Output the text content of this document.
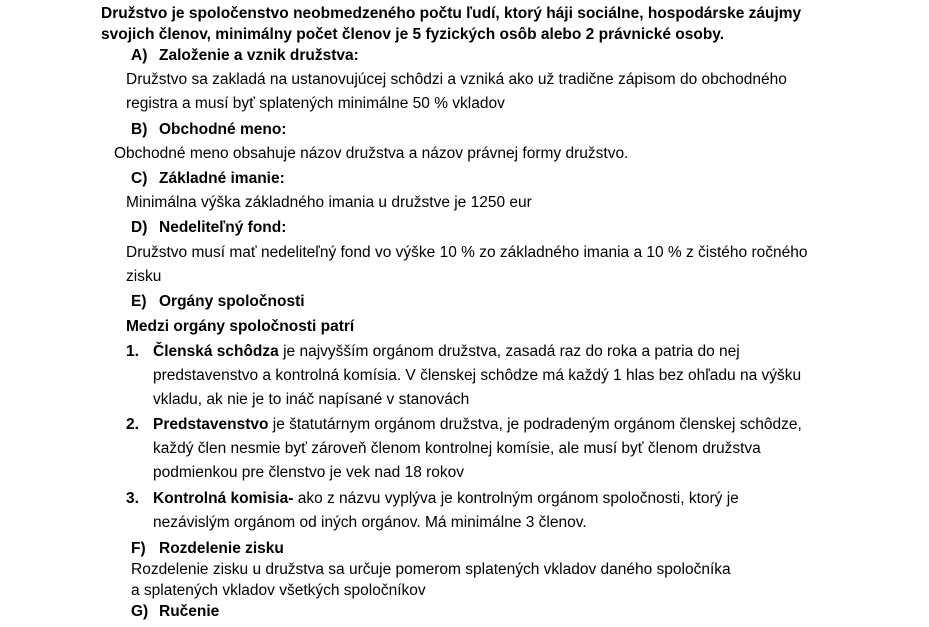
Družstvo je spoločenstvo neobmedzeného počtu ľudí, ktorý háji sociálne, hospodárske záujmy
svojich členov, minimálny počet členov je 5 fyzických osôb alebo 2 právnické osoby.
A) Založenie a vznik družstva:
Družstvo sa zakladá na ustanovujúcej schôdzi a vzniká ako už tradične zápisom do obchodného
registra a musí byť splatených minimálne 50 % vkladov
B) Obchodné meno:
Obchodné meno obsahuje názov družstva a názov právnej formy družstvo.
C) Základné imanie:
Minimálna výška základného imania u družstve je 1250 eur
D) Nedeliteľný fond:
Družstvo musí mať nedeliteľný fond vo výške 10 % zo základného imania a 10 % z čistého ročného
zisku
E) Orgány spoločnosti
Medzi orgány spoločnosti patrí
1. Členská schôdza je najvyšším orgánom družstva, zasadá raz do roka a patria do nej
predstavenstvo a kontrolná komísia. V členskej schôdze má každý 1 hlas bez ohľadu na výšku
vkladu, ak nie je to ináč napísané v stanovách
2. Predstavenstvo je štatutárnym orgánom družstva, je podradeným orgánom členskej schôdze,
každý člen nesmie byť zároveň členom kontrolnej komísie, ale musí byť členom družstva
podmienkou pre členstvo je vek nad 18 rokov
3. Kontrolná komisia- ako z názvu vyplýva je kontrolným orgánom spoločnosti, ktorý je
nezávislým orgánom od iných orgánov. Má minimálne 3 členov.
F) Rozdelenie zisku
Rozdelenie zisku u družstva sa určuje pomerom splatených vkladov daného spoločníka
a splatených vkladov všetkých spoločníkov
G) Ručenie
